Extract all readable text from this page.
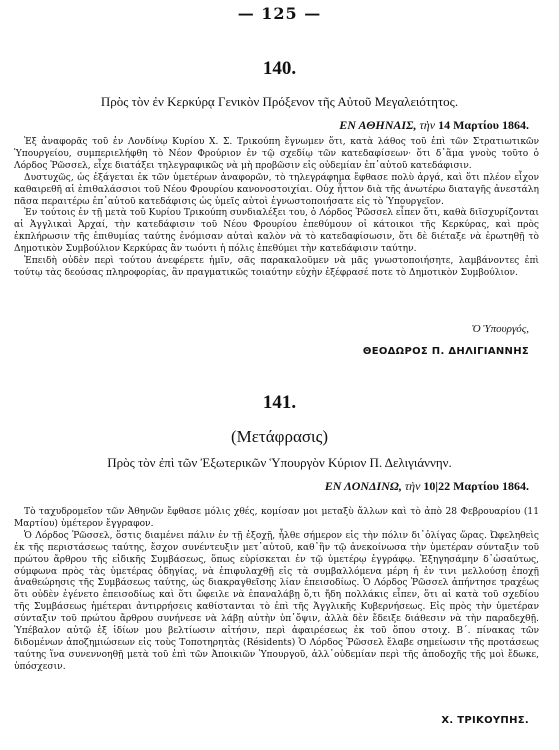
— 125 —
140.
Πρὸς τὸν ἐν Κερκύρᾳ Γενικὸν Πρόξενον τῆς Αὐτοῦ Μεγαλειότητος.
ΕΝ ΑΘΗΝΑΙΣ, τὴν 14 Μαρτίου 1864.

Ἐξ ἀναφορᾶς τοῦ ἐν Λονδίνῳ Κυρίου Χ. Σ. Τρικούπη ἔγνωμεν ὅτι, κατὰ λάθος τοῦ ἐπὶ τῶν Στρατιωτικῶν Ὑπουργείου, συμπεριελήφθη τὸ Νέον Φρούριον ἐν τῷ σχεδίῳ τῶν κατεδαφίσεων· ὅτι δ᾽ἅμα γνοὺς τοῦτο ὁ Λόρδος Ῥῶσσελ, εἶχε διατάξει τηλεγραφικῶς νὰ μὴ προβῶσιν εἰς οὐδεμίαν ἐπ᾽αὐτοῦ κατεδάφισιν.

Δυστυχῶς, ὡς ἐξάγεται ἐκ τῶν ὑμετέρων ἀναφορῶν, τὸ τηλεγράφημα ἔφθασε πολὺ ἀργά, καὶ ὅτι πλέον εἶχον καθαιρεθῆ αἱ ἐπιθαλάσσιοι τοῦ Νέου Φρουρίου κανονοστοιχίαι. Οὐχ ἧττον διὰ τῆς ἀνωτέρω διαταγῆς ἀνεστάλη πᾶσα περαιτέρω ἐπ᾽αὐτοῦ κατεδάφισις ὡς ὑμεῖς αὐτοὶ ἐγνωστοποιήσατε εἰς τὸ Ὑπουργεῖον.

Ἐν τούτοις ἐν τῇ μετὰ τοῦ Κυρίου Τρικούπη συνδιαλέξει του, ὁ Λόρδος Ῥῶσσελ εἶπεν ὅτι, καθὰ διϊσχυρίζονται αἱ Ἀγγλικαὶ Ἀρχαί, τὴν κατεδάφισιν τοῦ Νέου Φρουρίου ἐπεθύμουν οἱ κάτοικοι τῆς Κερκύρας, καὶ πρὸς ἐκπλήρωσιν τῆς ἐπιθυμίας ταύτης ἐνόμισαν αὐταὶ καλὸν νὰ τὸ κατεδαφίσωσιν, ὅτι δὲ διέταξε νὰ ἐρωτηθῇ τὸ Δημοτικὸν Συμβούλιον Κερκύρας ἂν τωόντι ἡ πόλις ἐπεθύμει τὴν κατεδάφισιν ταύτην.

Ἐπειδὴ οὐδὲν περὶ τούτου ἀνεφέρετε ἡμῖν, σᾶς παρακαλοῦμεν νὰ μᾶς γνωστοποιήσητε, λαμβάνοντες ἐπὶ τούτῳ τὰς δεούσας πληροφορίας, ἂν πραγματικῶς τοιαύτην εὐχὴν ἐξέφρασέ ποτε τὸ Δημοτικὸν Συμβούλιον.

Ὁ Ὑπουργός,
ΘΕΟΔΩΡΟΣ Π. ΔΗΛΙΓΙΑΝΝΗΣ
141.
(Μετάφρασις)
Πρὸς τὸν ἐπὶ τῶν Ἐξωτερικῶν Ὑπουργὸν Κύριον Π. Δελιγιάννην.
ΕΝ ΛΟΝΔΙΝΩ, τὴν 10|22 Μαρτίου 1864.

Τὸ ταχυδρομεῖον τῶν Ἀθηνῶν ἔφθασε μόλις χθές, κομίσαν μοι μεταξὺ ἄλλων καὶ τὸ ἀπὸ 28 Φεβρουαρίου (11 Μαρτίου) ὑμέτερον ἔγγραφον.

Ὁ Λόρδος Ῥῶσσελ, ὅστις διαμένει πάλιν ἐν τῇ ἐξοχῇ, ἦλθε σήμερον εἰς τὴν πόλιν δι᾽ὀλίγας ὥρας. Ὠφεληθεὶς ἐκ τῆς περιστάσεως ταύτης, ἔσχον συνέντευξιν μετ᾽αὐτοῦ, καθ᾽ἣν τῷ ἀνεκοίνωσα τὴν ὑμετέραν σύνταξιν τοῦ πρώτου ἄρθρου τῆς εἰδικῆς Συμβάσεως, ὅπως εὑρίσκεται ἐν τῷ ὑμετέρῳ ἐγγράφῳ. Ἐξηγησάμην δ᾽ὡσαύτως, σύμφωνα πρὸς τὰς ὑμετέρας ὁδηγίας, νὰ ἐπιφυλαχθῇ εἰς τὰ συμβαλλόμενα μέρη ἡ ἐν τινι μελλούσῃ ἐποχῇ ἀναθεώρησις τῆς Συμβάσεως ταύτης, ὡς διακραγθεῖσης λίαν ἐπεισοδίως. Ὁ Λόρδος Ῥῶσσελ ἀπήντησε τραχέως ὅτι οὐδὲν ἐγένετο ἐπεισοδίως καὶ ὅτι ὤφειλε νὰ ἐπαναλάβῃ ὅ,τι ἤδη πολλάκις εἶπεν, ὅτι αἱ κατὰ τοῦ σχεδίου τῆς Συμβάσεως ἡμέτεραι ἀντιρρήσεις καθίστανται τὸ ἐπὶ τῆς Ἀγγλικῆς Κυβερνήσεως. Εἰς πρὸς τὴν ὑμετέραν σύνταξιν τοῦ πρώτου ἄρθρου συνήνεσε νὰ λάβῃ αὐτὴν ὑπ᾽ὄψιν, ἀλλὰ δὲν ἔδειξε διάθεσιν νὰ τὴν παραδεχθῇ. Ὑπέβαλον αὐτῷ ἐξ ἰδίων μου βελτίωσιν αἰτήσιν, περὶ ἀφαιρέσεως ἐκ τοῦ ὅπου στοιχ. Β΄. πίνακας τῶν διδομένων ἀποζημιώσεων εἰς τοὺς Τοποτηρητὰς (Résidents) Ὁ Λόρδος Ῥῶσσελ ἔλαβε σημείωσιν τῆς προτάσεως ταύτης ἵνα συνεννοηθῇ μετὰ τοῦ ἐπὶ τῶν Ἀποικιῶν Ὑπουργοῦ, ἀλλ᾽οὐδεμίαν περὶ τῆς ἀποδοχῆς τῆς μοὶ ἔδωκε, ὑπόσχεσιν.

Χ. ΤΡΙΚΟΥΠΗΣ.
